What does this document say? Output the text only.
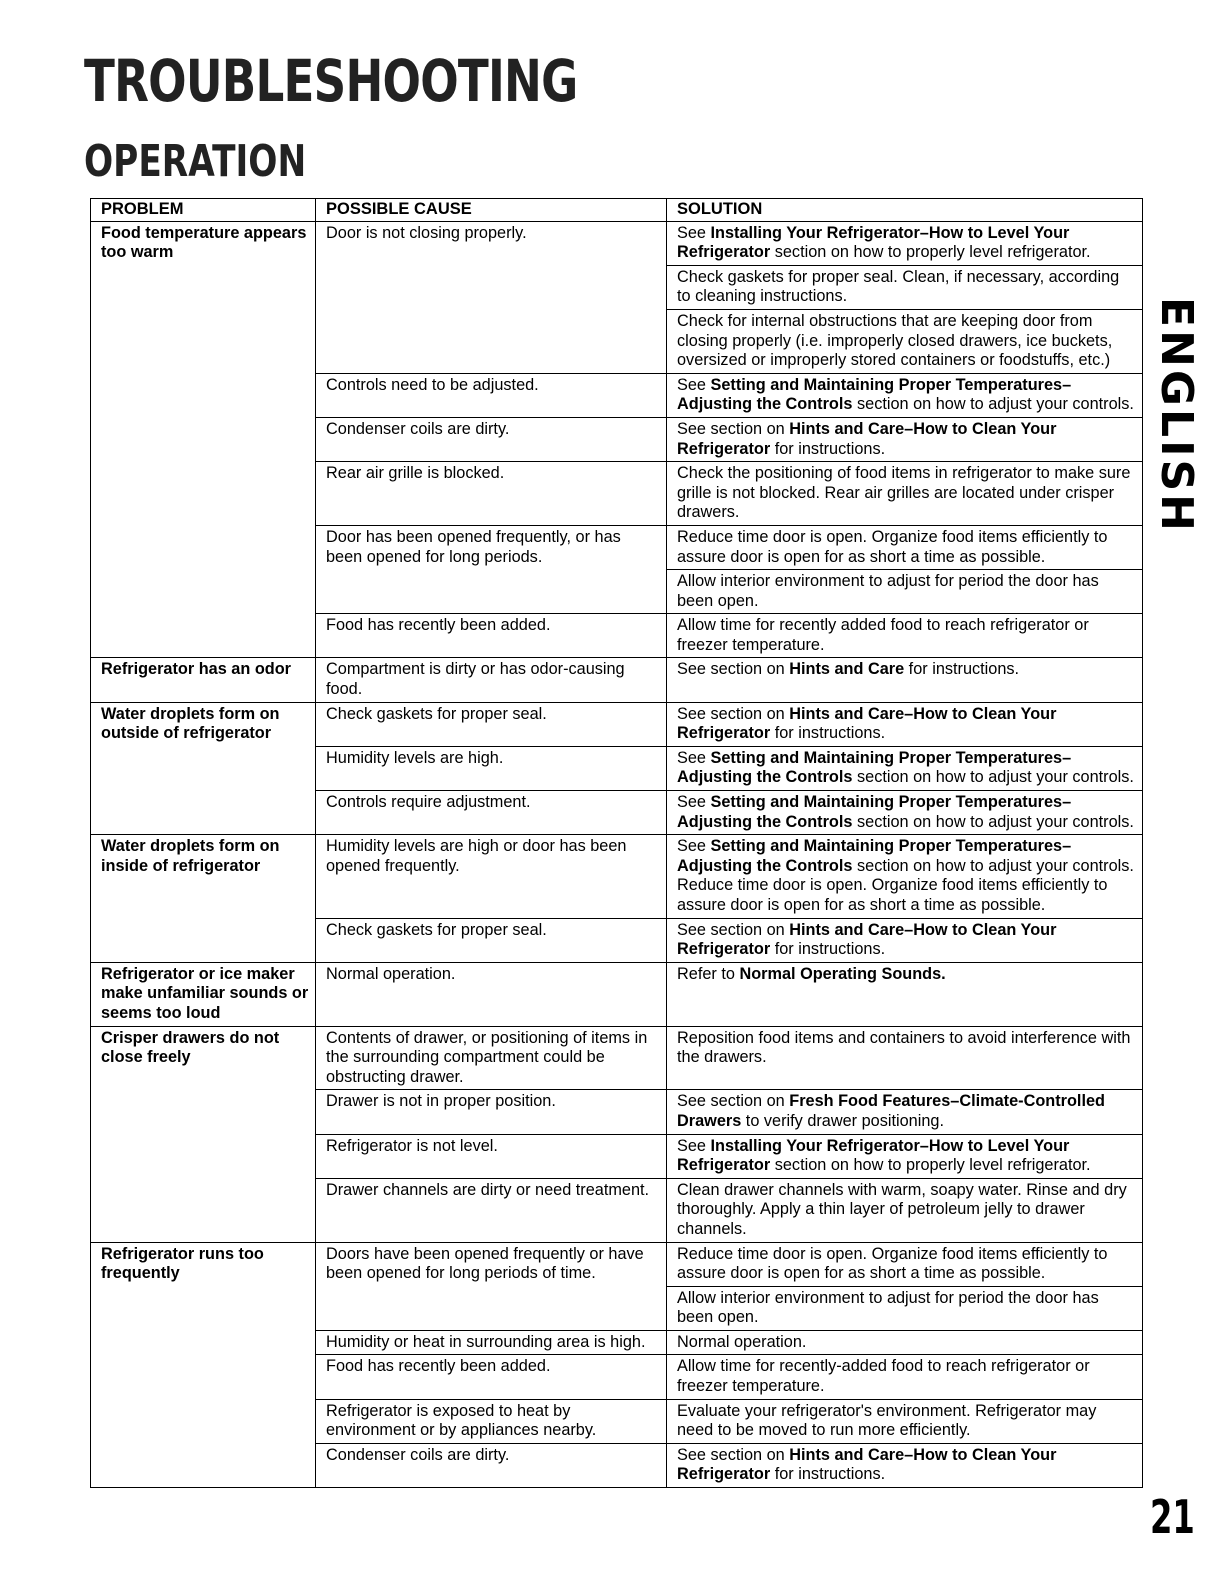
TROUBLESHOOTING
OPERATION
PROBLEM	POSSIBLE CAUSE	SOLUTION
Food temperature appears too warm	Door is not closing properly.	See Installing Your Refrigerator–How to Level Your Refrigerator section on how to properly level refrigerator.
		Check gaskets for proper seal. Clean, if necessary, according to cleaning instructions.
		Check for internal obstructions that are keeping door from closing properly (i.e. improperly closed drawers, ice buckets, oversized or improperly stored containers or foodstuffs, etc.)
	Controls need to be adjusted.	See Setting and Maintaining Proper Temperatures–Adjusting the Controls section on how to adjust your controls.
	Condenser coils are dirty.	See section on Hints and Care–How to Clean Your Refrigerator for instructions.
	Rear air grille is blocked.	Check the positioning of food items in refrigerator to make sure grille is not blocked. Rear air grilles are located under crisper drawers.
	Door has been opened frequently, or has been opened for long periods.	Reduce time door is open. Organize food items efficiently to assure door is open for as short a time as possible.
		Allow interior environment to adjust for period the door has been open.
	Food has recently been added.	Allow time for recently added food to reach refrigerator or freezer temperature.
Refrigerator has an odor	Compartment is dirty or has odor-causing food.	See section on Hints and Care for instructions.
Water droplets form on outside of refrigerator	Check gaskets for proper seal.	See section on Hints and Care–How to Clean Your Refrigerator for instructions.
	Humidity levels are high.	See Setting and Maintaining Proper Temperatures–Adjusting the Controls section on how to adjust your controls.
	Controls require adjustment.	See Setting and Maintaining Proper Temperatures–Adjusting the Controls section on how to adjust your controls.
Water droplets form on inside of refrigerator	Humidity levels are high or door has been opened frequently.	See Setting and Maintaining Proper Temperatures–Adjusting the Controls section on how to adjust your controls. Reduce time door is open. Organize food items efficiently to assure door is open for as short a time as possible.
	Check gaskets for proper seal.	See section on Hints and Care–How to Clean Your Refrigerator for instructions.
Refrigerator or ice maker make unfamiliar sounds or seems too loud	Normal operation.	Refer to Normal Operating Sounds.
Crisper drawers do not close freely	Contents of drawer, or positioning of items in the surrounding compartment could be obstructing drawer.	Reposition food items and containers to avoid interference with the drawers.
	Drawer is not in proper position.	See section on Fresh Food Features–Climate-Controlled Drawers to verify drawer positioning.
	Refrigerator is not level.	See Installing Your Refrigerator–How to Level Your Refrigerator section on how to properly level refrigerator.
	Drawer channels are dirty or need treatment.	Clean drawer channels with warm, soapy water. Rinse and dry thoroughly. Apply a thin layer of petroleum jelly to drawer channels.
Refrigerator runs too frequently	Doors have been opened frequently or have been opened for long periods of time.	Reduce time door is open. Organize food items efficiently to assure door is open for as short a time as possible.
		Allow interior environment to adjust for period the door has been open.
	Humidity or heat in surrounding area is high.	Normal operation.
	Food has recently been added.	Allow time for recently-added food to reach refrigerator or freezer temperature.
	Refrigerator is exposed to heat by environment or by appliances nearby.	Evaluate your refrigerator's environment. Refrigerator may need to be moved to run more efficiently.
	Condenser coils are dirty.	See section on Hints and Care–How to Clean Your Refrigerator for instructions.
ENGLISH
21
